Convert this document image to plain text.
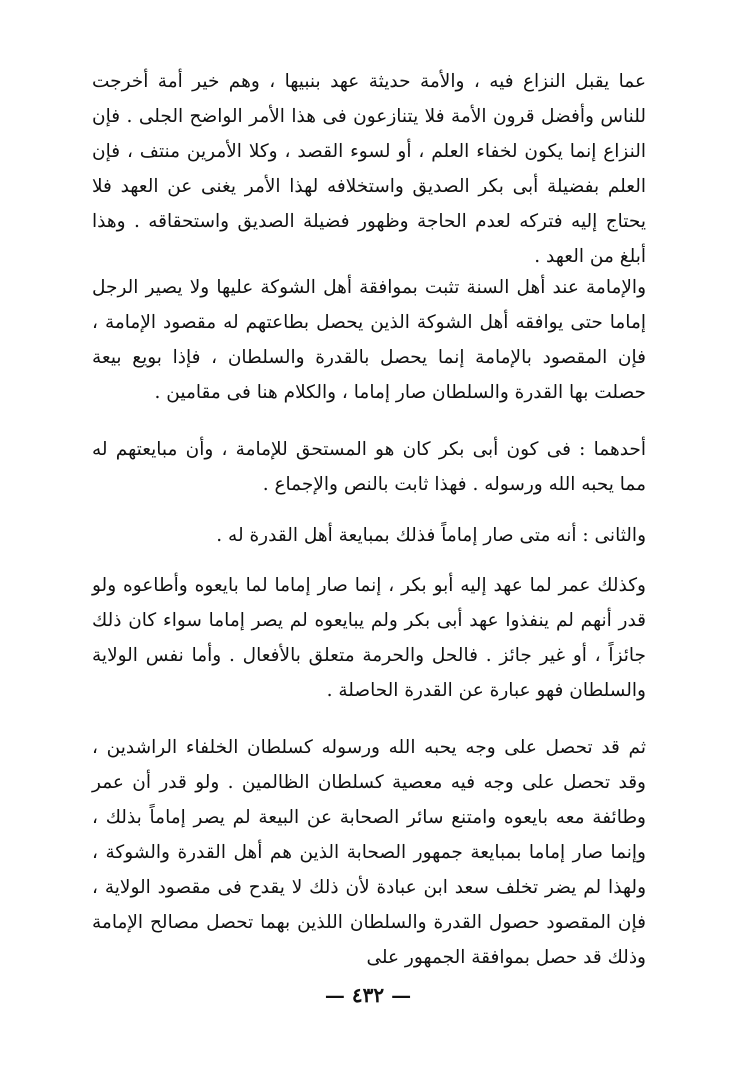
عما يقبل النزاع فيه ، والأمة حديثة عهد بنبيها ، وهم خير أمة أخرجت للناس وأفضل قرون الأمة فلا يتنازعون فى هذا الأمر الواضح الجلى . فإن النزاع إنما يكون لخفاء العلم ، أو لسوء القصد ، وكلا الأمرين منتف ، فإن العلم بفضيلة أبى بكر الصديق واستخلافه لهذا الأمر يغنى عن العهد فلا يحتاج إليه فتركه لعدم الحاجة وظهور فضيلة الصديق واستحقاقه . وهذا أبلغ من العهد .

والإمامة عند أهل السنة تثبت بموافقة أهل الشوكة عليها ولا يصير الرجل إماما حتى يوافقه أهل الشوكة الذين يحصل بطاعتهم له مقصود الإمامة ، فإن المقصود بالإمامة إنما يحصل بالقدرة والسلطان ، فإذا بويع بيعة حصلت بها القدرة والسلطان صار إماما ، والكلام هنا فى مقامين .

أحدهما : فى كون أبى بكر كان هو المستحق للإمامة ، وأن مبايعتهم له مما يحبه الله ورسوله . فهذا ثابت بالنص والإجماع .

والثانى : أنه متى صار إماماً فذلك بمبايعة أهل القدرة له .

وكذلك عمر لما عهد إليه أبو بكر ، إنما صار إماما لما بايعوه وأطاعوه ولو قدر أنهم لم ينفذوا عهد أبى بكر ولم يبايعوه لم يصر إماما سواء كان ذلك جائزاً ، أو غير جائز . فالحل والحرمة متعلق بالأفعال . وأما نفس الولاية والسلطان فهو عبارة عن القدرة الحاصلة .

ثم قد تحصل على وجه يحبه الله ورسوله كسلطان الخلفاء الراشدين ، وقد تحصل على وجه فيه معصية كسلطان الظالمين . ولو قدر أن عمر وطائفة معه بايعوه وامتنع سائر الصحابة عن البيعة لم يصر إماماً بذلك ، وإنما صار إماما بمبايعة جمهور الصحابة الذين هم أهل القدرة والشوكة ، ولهذا لم يضر تخلف سعد ابن عبادة لأن ذلك لا يقدح فى مقصود الولاية ، فإن المقصود حصول القدرة والسلطان اللذين بهما تحصل مصالح الإمامة وذلك قد حصل بموافقة الجمهور على

— ٤٣٢ —
